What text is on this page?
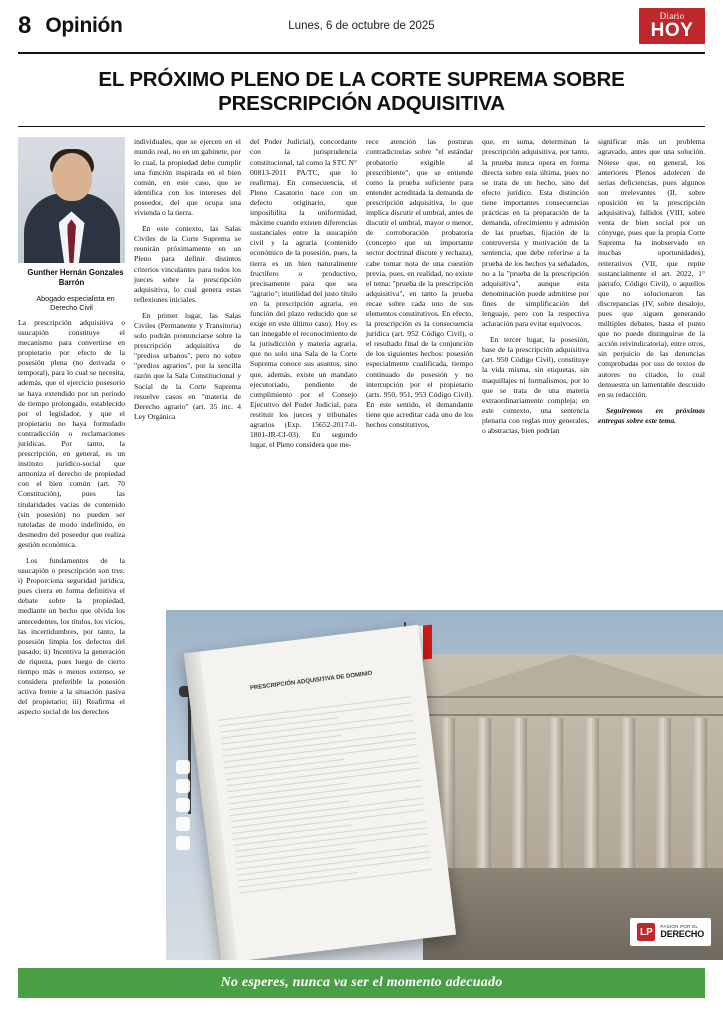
8 Opinión	Lunes, 6 de octubre de 2025
Diario
HOY
EL PRÓXIMO PLENO DE LA CORTE SUPREMA SOBRE PRESCRIPCIÓN ADQUISITIVA

Gunther Hernán Gonzales Barrón

Abogado especialista en Derecho Civil

La prescripción adquisitiva o usucapión constituye el mecanismo para convertirse en propietario por efecto de la posesión plena (no derivada o temporal), para lo cual se necesita, además, que el ejercicio posesorio se haya extendido por un periodo de tiempo prolongado, establecido por el legislador, y que el propietario no haya formulado contradicción o reclamaciones jurídicas. Por tanto, la prescripción, en general, es un instituto jurídico-social que armoniza el derecho de propiedad con el bien común (art. 70 Constitución), pues las titularidades vacías de contenido (sin posesión) no pueden ser tuteladas de modo indefinido, en desmedro del poseedor que realiza gestión económica.

Los fundamentos de la usucapión o prescripción son tres: i) Proporciona seguridad jurídica, pues cierra en forma definitiva el debate sobre la propiedad, mediante un hecho que olvida los antecedentes, los títulos, los vicios, las incertidumbres, por tanto, la posesión limpia los defectos del pasado; ii) Incentiva la generación de riqueza, pues luego de cierto tiempo más o menos extenso, se considera preferible la posesión activa frente a la situación pasiva del propietario; iii) Reafirma el aspecto social de los derechos

individuales, que se ejercen en el mundo real, no en un gabinete, por lo cual, la propiedad debe cumplir una función inspirada en el bien común, en este caso, que se identifica con los intereses del poseedor, del que ocupa una vivienda o la tierra.

En este contexto, las Salas Civiles de la Corte Suprema se reunirán próximamente en un Pleno para definir distintos criterios vinculantes para todos los jueces sobre la prescripción adquisitiva, lo cual genera estas reflexiones iniciales.

En primer lugar, las Salas Civiles (Permanente y Transitoria) solo podrán pronunciarse sobre la prescripción adquisitiva de "predios urbanos", pero no sobre "predios agrarios", por la sencilla razón que la Sala Constitucional y Social de la Corte Suprema resuelve casos en "materia de Derecho agrario" (art. 35 inc. 4 Ley Orgánica

del Poder Judicial), concordante con la jurisprudencia constitucional, tal como la STC N° 00813-2011 PA/TC, que lo reafirma). En consecuencia, el Pleno Casatorio nace con un defecto originario, que imposibilita la uniformidad, máxime cuando existen diferencias sustanciales entre la usucapión civil y la agraria (contenido económico de la posesión, pues, la tierra es un bien naturalmente fructífero o productivo, precisamente para que sea "agrario"; inutilidad del justo título en la prescripción agraria, en función del plazo reducido que se exige en este último caso). Hoy es tan innegable el reconocimiento de la jurisdicción y materia agraria, que no solo una Sala de la Corte Suprema conoce sus asuntos, sino que, además, existe un mandato ejecutoriado, pendiente de cumplimiento por el Consejo Ejecutivo del Poder Judicial, para restituir los jueces y tribunales agrarios (Exp. 15652-2017-0-1801-JR-CI-03). En segundo lugar, el Pleno considera que me-

rece atención las posturas contradictorias sobre "el estándar probatorio exigible al prescribiente", que se entiende como la prueba suficiente para entender acreditada la demanda de prescripción adquisitiva, lo que implica discutir el umbral, antes de discutir el umbral, mayor o menor, de corroboración probatoria (concepto que un importante sector doctrinal discute y rechaza), cabe tomar nota de una cuestión previa, pues, en realidad, no existe el tema: "prueba de la prescripción adquisitiva", en tanto la prueba recae sobre cada uno de sus elementos constitutivos. En efecto, la prescripción es la consecuencia jurídica (art. 952 Código Civil), o el resultado final de la conjunción de los siguientes hechos: posesión especialmente cualificada, tiempo continuado de posesión y no interrupción por el propietario (arts. 950, 951, 953 Código Civil). En este sentido, el demandante tiene que acreditar cada uno de los hechos constitutivos,

que, en suma, determinan la prescripción adquisitiva, por tanto, la prueba nunca opera en forma directa sobre esta última, pues no se trata de un hecho, sino del efecto jurídico. Esta distinción tiene importantes consecuencias prácticas en la preparación de la demanda, ofrecimiento y admisión de las pruebas, fijación de la controversia y motivación de la sentencia, que debe referirse a la prueba de los hechos ya señalados, no a la "prueba de la prescripción adquisitiva", aunque esta denominación puede admitirse por fines de simplificación del lenguaje, pero con la respectiva aclaración para evitar equívocos.

En tercer lugar, la posesión, base de la prescripción adquisitiva (art. 950 Código Civil), constituye la vida misma, sin etiquetas, sin maquillajes ni formalismos, por lo que se trata de una materia extraordinariamente compleja; en este contexto, una sentencia plenaria con reglas muy generales, o abstractas, bien podrían

significar más un problema agravado, antes que una solución. Nótese que, en general, los anteriores Plenos adolecen de serias deficiencias, pues algunos son irrelevantes (II, sobre oposición en la prescripción adquisitiva), fallidos (VIII, sobre venta de bien social por un cónyuge, pues que la propia Corte Suprema ha inobservado en muchas oportunidades), reiterativos (VII, que repite sustancialmente el art. 2022, 1° párrafo, Código Civil), o aquellos que no solucionaron las discrepancias (IV, sobre desalojo, pues que siguen generando múltiples debates, hasta el punto que no puede distinguirse de la acción reivindicatoria), entre otros, sin perjuicio de las denuncias comprobadas por uso de textos de autores no citados, lo cual demuestra un lamentable descuido en su redacción.

Seguiremos en próximas entregas sobre este tema.

PRESCRIPCIÓN ADQUISITIVA DE DOMINIO
LP	PASIÓN POR EL
DERECHO
No esperes, nunca va ser el momento adecuado
